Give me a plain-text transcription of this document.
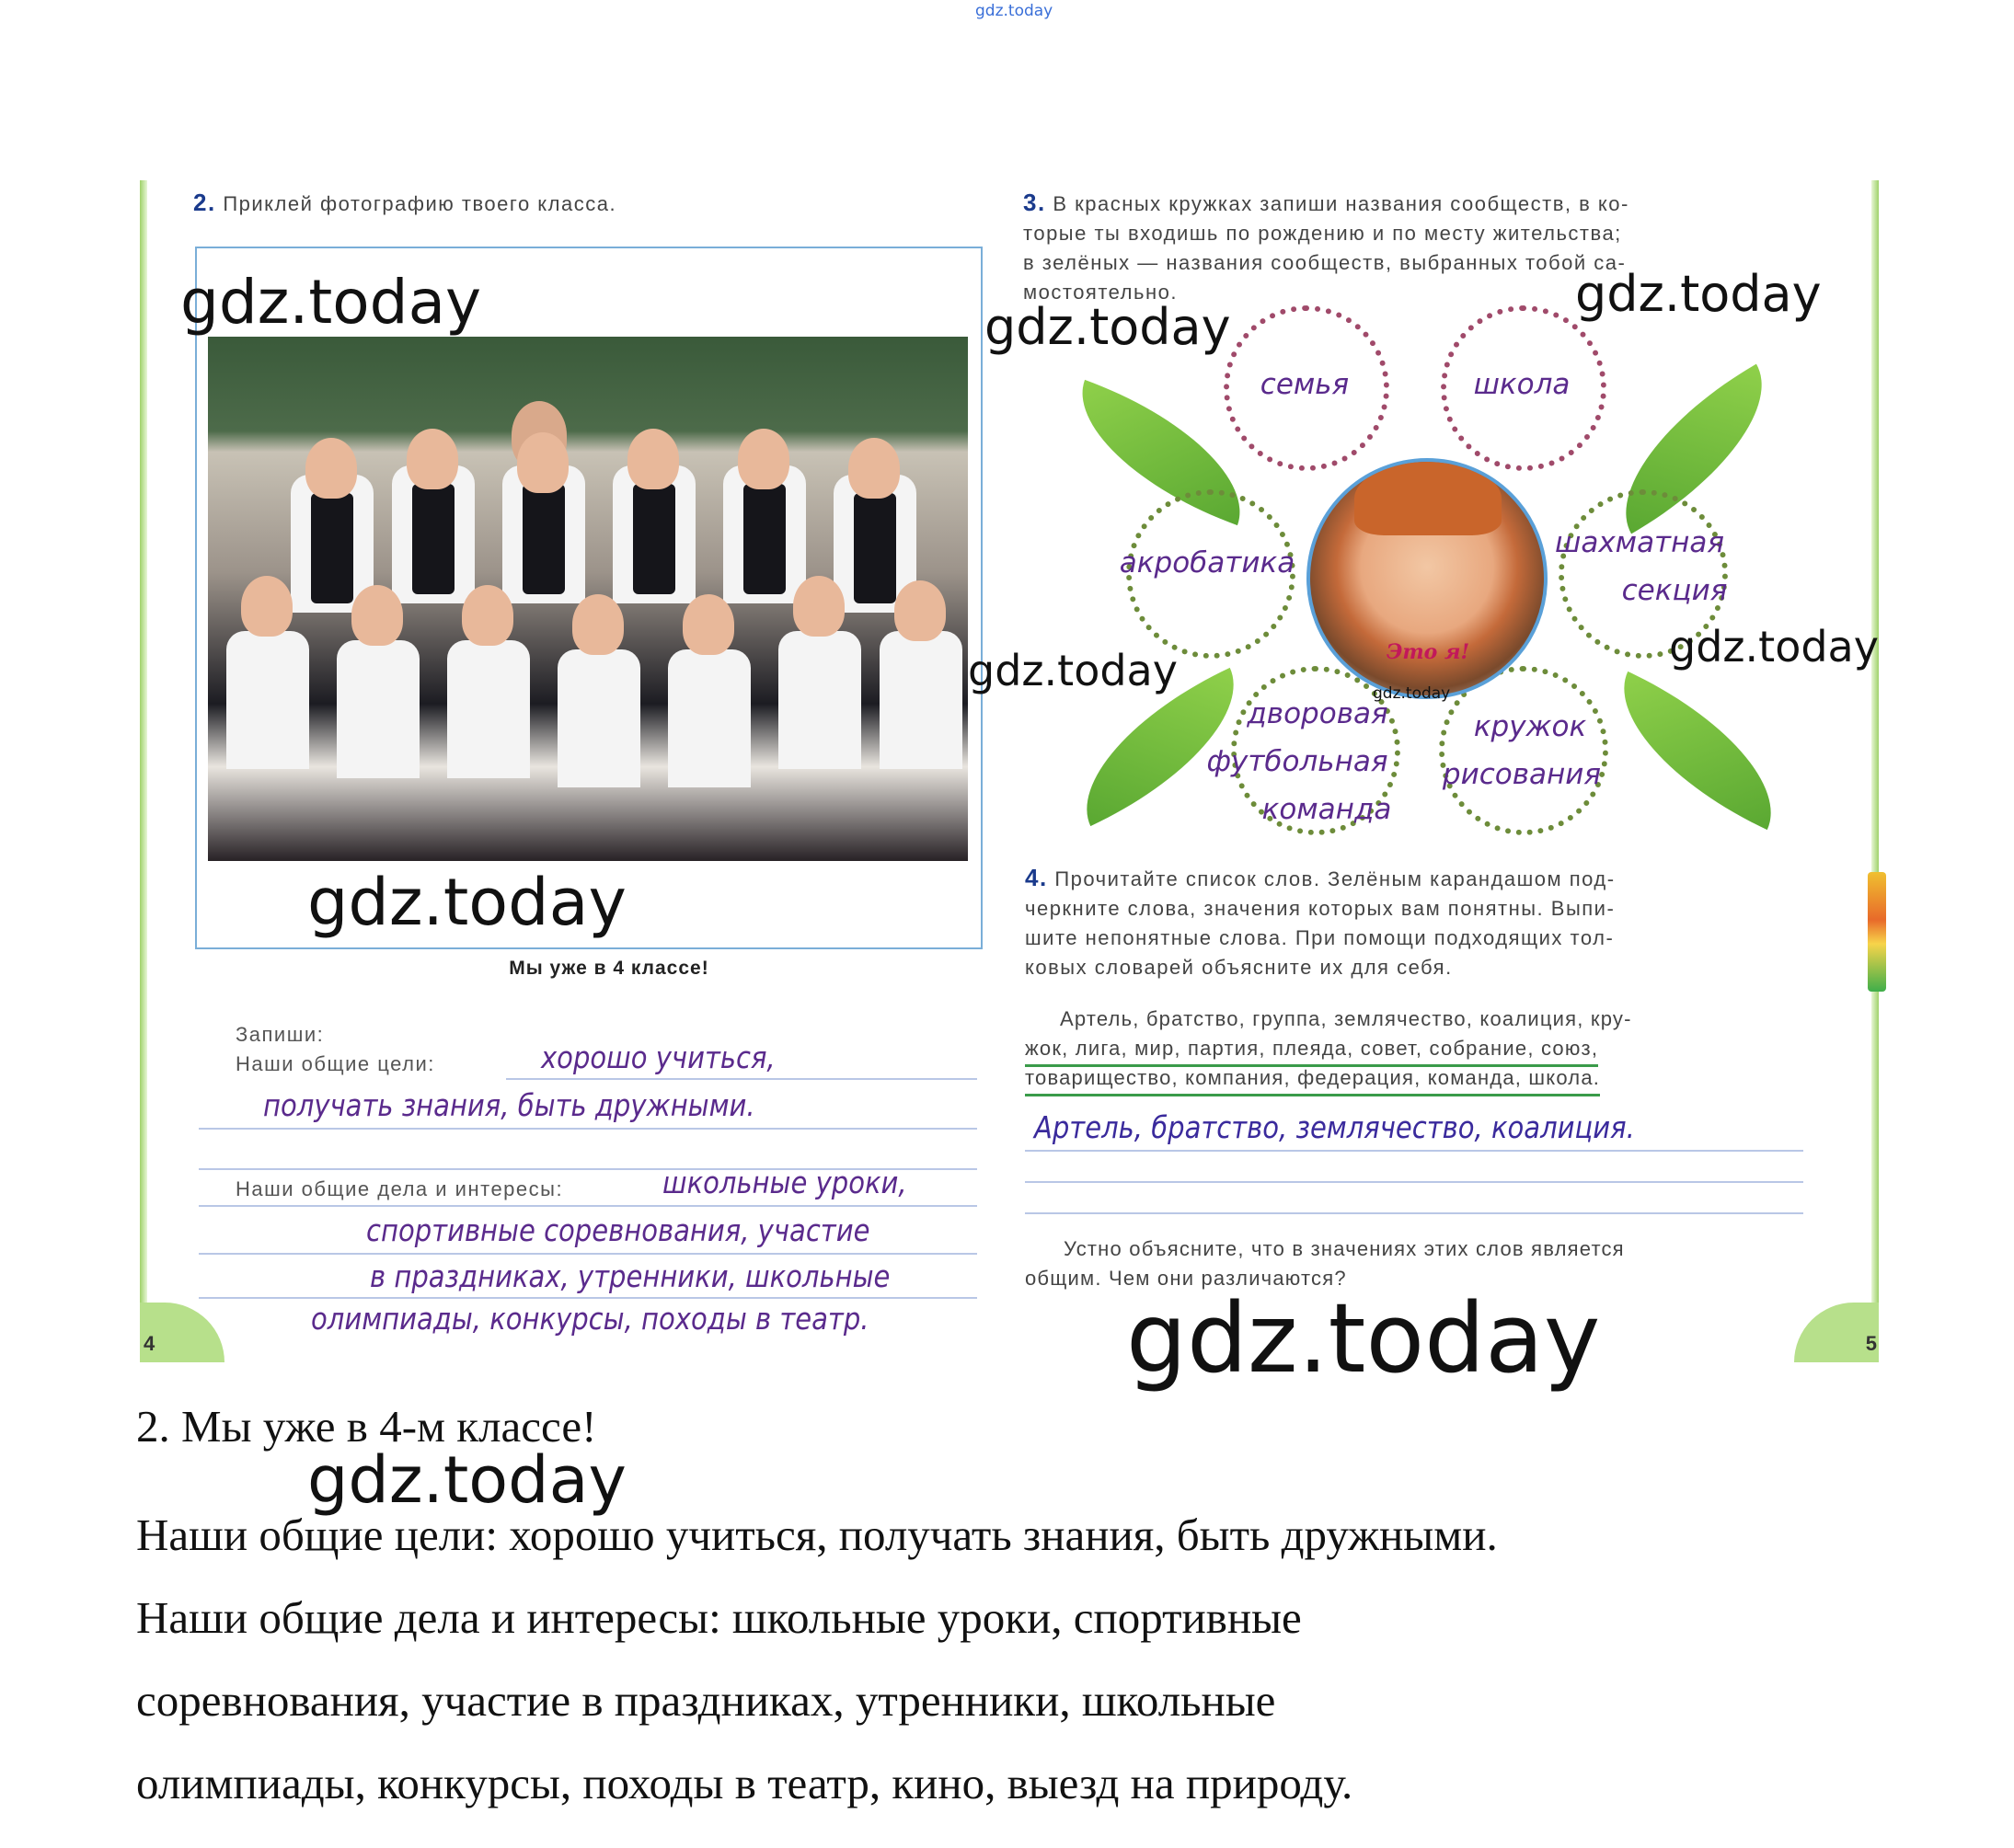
gdz.today
4	5
2. Приклей фотографию твоего класса.
Мы уже в 4 классе!
Запиши:
Наши общие цели:	хорошо учиться,
получать знания, быть дружными.
Наши общие дела и интересы:	школьные уроки,
спортивные соревнования, участие
в праздниках, утренники, школьные
олимпиады, конкурсы, походы в театр.
3. В красных кружках запиши названия сообществ, в ко-
торые ты входишь по рождению и по месту жительства;
в зелёных — названия сообществ, выбранных тобой са-
мостоятельно.
семья	школа
акробатика
шахматная
секция
дворовая
футбольная
команда
кружок
рисования
Это я!
4. Прочитайте список слов. Зелёным карандашом под-
черкните слова, значения которых вам понятны. Выпи-
шите непонятные слова. При помощи подходящих тол-
ковых словарей объясните их для себя.
Артель, братство, группа, землячество, коалиция, кру-
жок, лига, мир, партия, плеяда, совет, собрание, союз,
товарищество, компания, федерация, команда, школа.
Артель, братство, землячество, коалиция.
Устно объясните, что в значениях этих слов является
общим. Чем они различаются?
gdz.today	gdz.today
gdz.today
gdz.today	gdz.today
gdz.today
gdz.today
gdz.today
gdz.today
2. Мы уже в 4-м классе!
Наши общие цели: хорошо учиться, получать знания, быть дружными.
Наши общие дела и интересы: школьные уроки, спортивные
соревнования, участие в праздниках, утренники, школьные
олимпиады, конкурсы, походы в театр, кино, выезд на природу.
